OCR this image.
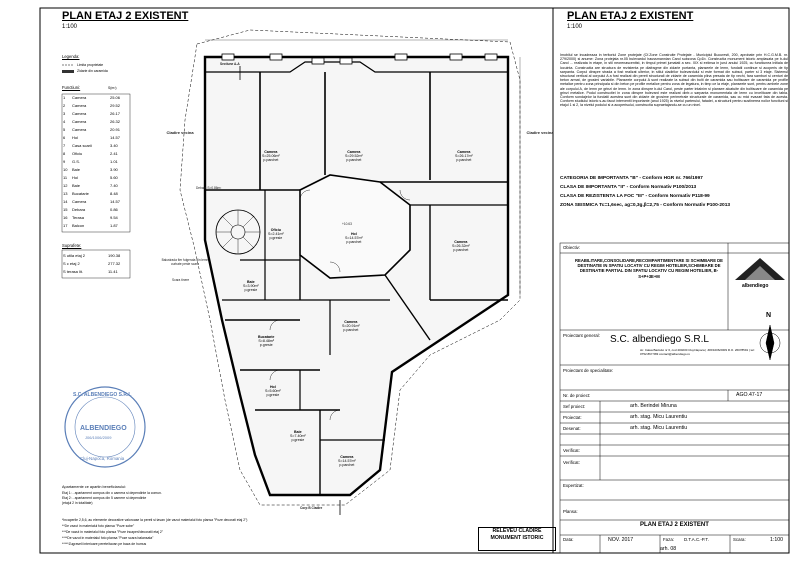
PLAN ETAJ 2 EXISTENT
1:100
Legenda:
Limita proprietate
Zidarie din caramida
Functiuni:	S(m²)
1 Camera	25.06
2 Camera	29.52
3 Camera	26.17
4 Camera	26.32
5 Camera	20.91
6 Hol	14.57
7 Casa scarii	3.40
8 Oficiu	2.41
9 G.S.	1.01
10 Baie	3.90
11 Hol	5.60
12 Baie	7.40
13 Bucatarie	8.48
14 Camera	14.57
15 Debara	0.86
16 Terasa	9.54
17 Balcon	1.87
Suprafete:
S utila etaj 2	190.38
S c etaj 2	277.32
S terasa lit.	11.41
Sectiune A-A
Cladire vecina	Cladire vecina
Corp B Cladire
Balustrada fier fulgerata din lemn curbate peste scara
Scara tinere
Debara S=0.86m²
+10.63
Camera
S=25.06m²
p.parchet
Camera
S=29.52m²
p.parchet
Camera
S=26.17m²
p.parchet
Hol
S=14.57m²
p.parchet
Oficiu
S=2.41m²
p.gresie
Baie
S=3.90m²
p.gresie
Camera
S=26.32m²
p.parchet
Camera
S=20.91m²
p.parchet
Bucatarie
S=8.48m²
p.gresie
Hol
S=5.60m²
p.gresie
Baie
S=7.40m²
p.gresie
Camera
S=14.57m²
p.parchet
S.C. ALBENDIEGO S.R.L
ALBENDIEGO
J06/1006/2009
Cluj-Napoca, Romania
Apartamente ce apartin beneficiarului:
Etaj 1: - apartament compus din o camera si dependinte la comun.
Etaj 2: - apartament compus din 5 camere si dependinte
(etajul 2 in totalitate)
*Incaperile 2,5,6, au elemente decorative valoroase la pereti si tavan (de vazut materialul foto plansa "Poze decorati etaj 2")
**De vazut in materialul foto plansa "Poze sobe"
***De vazut in materialul foto plansa "Poze incaperi/decoratii etaj 2"
****De vazut in materialul foto plansa "Poze scara balansata"
*****Zugraveli interioare perete/tavan pe baza de humus
RELEVEU CLADIRE MONUMENT ISTORIC
PLAN ETAJ 2 EXISTENT
1:100
Imobilul se incadreaza in teritoriul Zone protejate (Cf.Zone Construite Protejate - Municipiul Bucuresti, 200, aprobate prin H.C.G.M.B. nr. 279/2000) si anume: Zona protejata nr.05 bulevardul haussmannian Carol subzona Cp1b. Constructia monument istoric amplasata pe b-dul Carol ... realizata in etape, in stil neorenascentist, in timpul primei jumatati a sec. XIX si extinsa in jurul anului 1925, cu functiunea initiala de locuinta. Constructia are structura de rezistenta pe diafragme din zidarie portanta, planseele de lemn, fundatii continue si acoperis de tip sarpanta. Corpul dinspre strada a fost realizat ulterior, in stilul cladirilor bulevardului si este format din subsol, parter si 3 etaje. Sistemul structural vertical al corpului A a fost realizat din pereti structurali de zidarie de caramida plina presata de tip vechi, fara samburi si centuri de beton armat, de grosimi variabile. Planseele corpului A sunt realizate la subsol din bolti de caramida sau boltisoare de caramida pe profile metalice pentru zona principala si din beton pe profile metalice pentru zona de legatura, in timp ce la etaje, planseele sunt, pentru ambele zone ale corpului A, de lemn pe grinzi de lemn. In zona dinspre b-dul Carol, peste parter intalnim si plansee alcatuite din boltisoare de caramida pe grinzi metalice. Podul constructiei in zona dinspre bulevard este realizat dintr-o sarpanta monumentala de lemn cu invelitoare din tabla. Conform sondajelor la fundatii acestea sunt din zidarie de grosime perimetrale structurale de caramida, sau cu mici evazari fata de acesta. Conform studiului istoric s-au facut interventii importante (anul 1925) la nivelul parterului, fatadei, a structurii pentru sustinerea noilor functiuni si etajul 1 si 2, la nivelul podului si a acoperisului, constructia supraetajandu-se cu un nivel.
CATEGORIA DE IMPORTANTA "B" - Conform HGR nr. 766/1997
CLASA DE IMPORTANTA "II" - Conform Normativ P100/2013
CLASA DE REZISTENTA LA FOC "III" - Conform Normativ P118-99
ZONA SEISMICA Tc=1,6sec, ag=0,3g,β=2,75 - Conform Normativ P100-2013
Obiectiv:
REABILITARE,CONSOLIDARE,RECOMPARTIMENTARE SI SCHIMBARE DE DESTINATIE IN SPATIU LOCATIV CU REGIM HOTELIER,SCHIMBARE DE DESTINATIE PARTIAL DIN SPATIU LOCATIV CU REGIM HOTELIER, B-S+P+3E+M
albendiego
Proiectant general: S.C. albendiego S.R.L
str. Calea Baciului nr 6, cod 400230 Cluj-Napoca | J06/1006/2009 R.O. 26078591 | tel: 0752.867.583 contact@albendiego.ro
Proiectant de specialitate:
Nr. de proiect:	AGO.47-17
Sef proiect:	arh. Berindei Miruna
Proiectat:	arh. stag. Micu Laurentiu
Desenat:	arh. stag. Micu Laurentiu
Verificat:
Verificat:
Expertizat:
Plansa:
PLAN ETAJ 2 EXISTENT
Data:	NOV. 2017	Faza: D.T.A.C.-P.T.	Scara:	1:100
arh. 08
N
